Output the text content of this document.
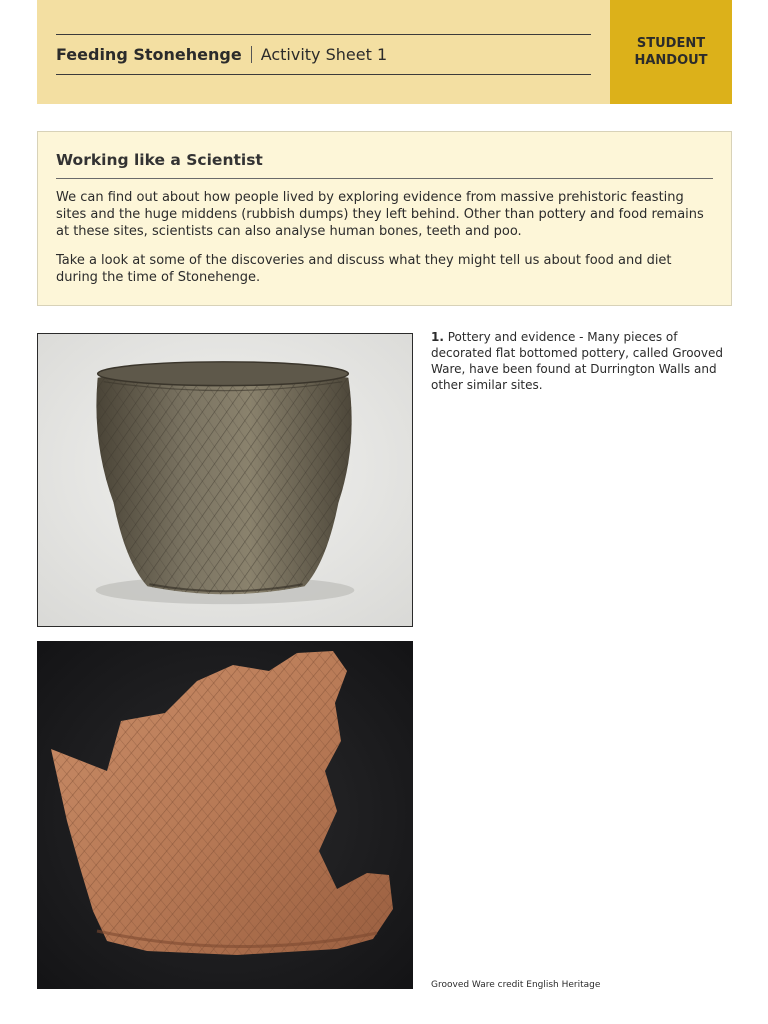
Feeding Stonehenge Activity Sheet 1
STUDENT
HANDOUT
Working like a Scientist

We can find out about how people lived by exploring evidence from massive prehistoric feasting sites and the huge middens (rubbish dumps) they left behind. Other than pottery and food remains at these sites, scientists can also analyse human bones, teeth and poo.

Take a look at some of the discoveries and discuss what they might tell us about food and diet during the time of Stonehenge.

1. Pottery and evidence - Many pieces of decorated flat bottomed pottery, called Grooved Ware, have been found at Durrington Walls and other similar sites.

Grooved Ware credit English Heritage
